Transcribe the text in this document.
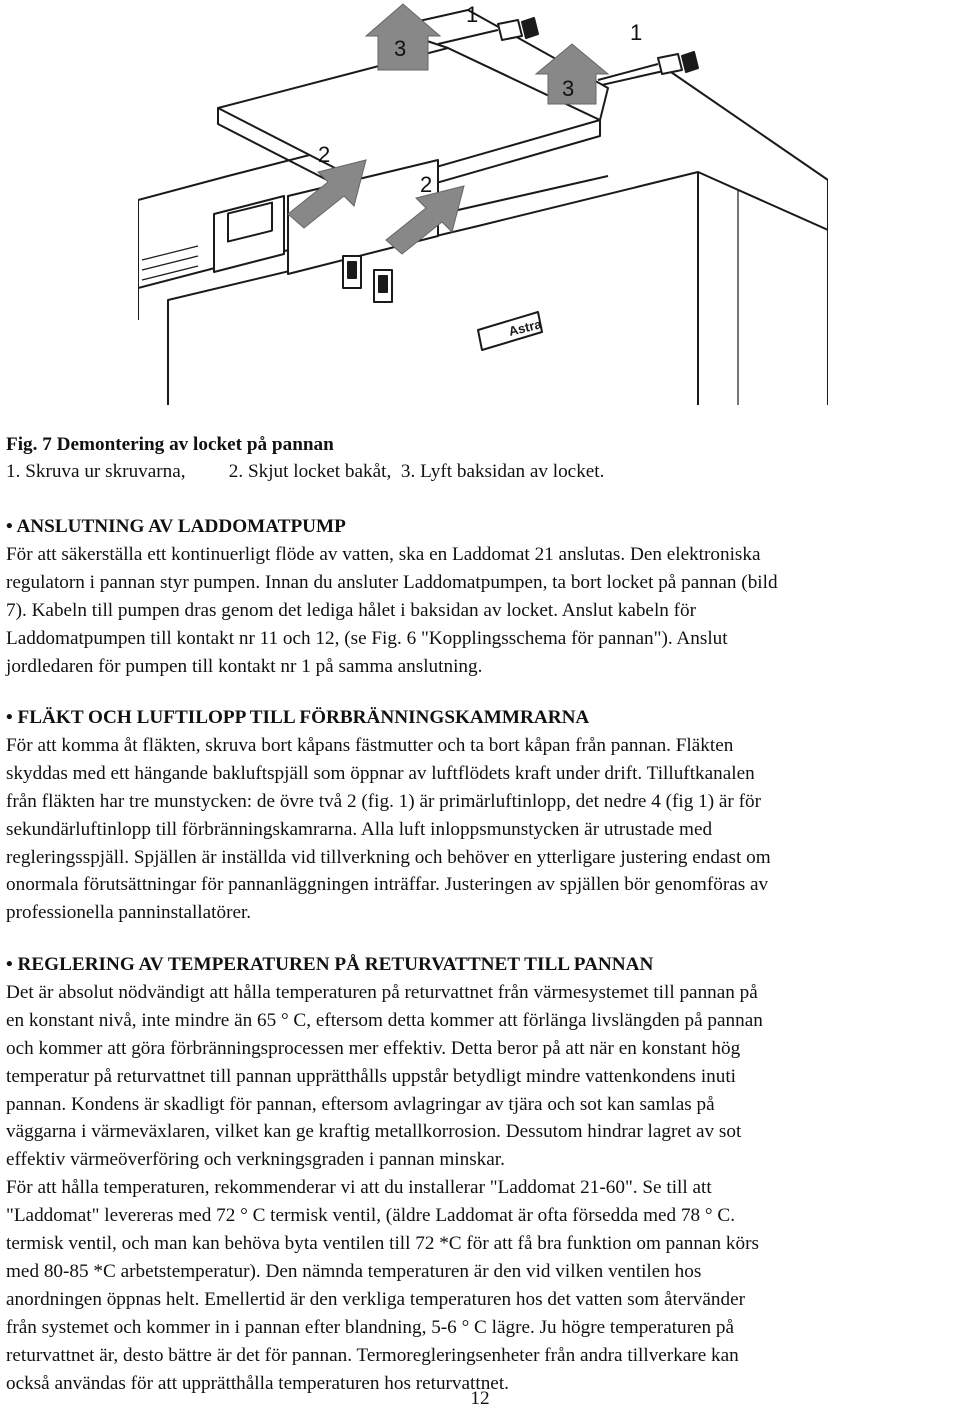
Astra
3
3
2
2
1
1

Fig. 7 Demontering av locket på pannan

1. Skruva ur skruvarna, 2. Skjut locket bakåt, 3. Lyft baksidan av locket.

• ANSLUTNING AV LADDOMATPUMP
För att säkerställa ett kontinuerligt flöde av vatten, ska en Laddomat 21 anslutas. Den elektroniska
regulatorn i pannan styr pumpen. Innan du ansluter Laddomatpumpen, ta bort locket på pannan (bild
7). Kabeln till pumpen dras genom det lediga hålet i baksidan av locket. Anslut kabeln för
Laddomatpumpen till kontakt nr 11 och 12, (se Fig. 6 "Kopplingsschema för pannan"). Anslut
jordledaren för pumpen till kontakt nr 1 på samma anslutning.
• FLÄKT OCH LUFTILOPP TILL FÖRBRÄNNINGSKAMMRARNA
För att komma åt fläkten, skruva bort kåpans fästmutter och ta bort kåpan från pannan. Fläkten
skyddas med ett hängande bakluftspjäll som öppnar av luftflödets kraft under drift. Tilluftkanalen
från fläkten har tre munstycken: de övre två 2 (fig. 1) är primärluftinlopp, det nedre 4 (fig 1) är för
sekundärluftinlopp till förbränningskamrarna. Alla luft inloppsmunstycken är utrustade med
regleringsspjäll. Spjällen är inställda vid tillverkning och behöver en ytterligare justering endast om
onormala förutsättningar för pannanläggningen inträffar. Justeringen av spjällen bör genomföras av
professionella panninstallatörer.
• REGLERING AV TEMPERATUREN PÅ RETURVATTNET TILL PANNAN
Det är absolut nödvändigt att hålla temperaturen på returvattnet från värmesystemet till pannan på
en konstant nivå, inte mindre än 65 ° C, eftersom detta kommer att förlänga livslängden på pannan
och kommer att göra förbränningsprocessen mer effektiv. Detta beror på att när en konstant hög
temperatur på returvattnet till pannan upprätthålls uppstår betydligt mindre vattenkondens inuti
pannan. Kondens är skadligt för pannan, eftersom avlagringar av tjära och sot kan samlas på
väggarna i värmeväxlaren, vilket kan ge kraftig metallkorrosion. Dessutom hindrar lagret av sot
effektiv värmeöverföring och verkningsgraden i pannan minskar.
För att hålla temperaturen, rekommenderar vi att du installerar "Laddomat 21-60". Se till att
"Laddomat" levereras med 72 ° C termisk ventil, (äldre Laddomat är ofta försedda med 78 ° C.
termisk ventil, och man kan behöva byta ventilen till 72 *C för att få bra funktion om pannan körs
med 80-85 *C arbetstemperatur). Den nämnda temperaturen är den vid vilken ventilen hos
anordningen öppnas helt. Emellertid är den verkliga temperaturen hos det vatten som återvänder
från systemet och kommer in i pannan efter blandning, 5-6 ° C lägre. Ju högre temperaturen på
returvattnet är, desto bättre är det för pannan. Termoregleringsenheter från andra tillverkare kan
också användas för att upprätthålla temperaturen hos returvattnet.
12
